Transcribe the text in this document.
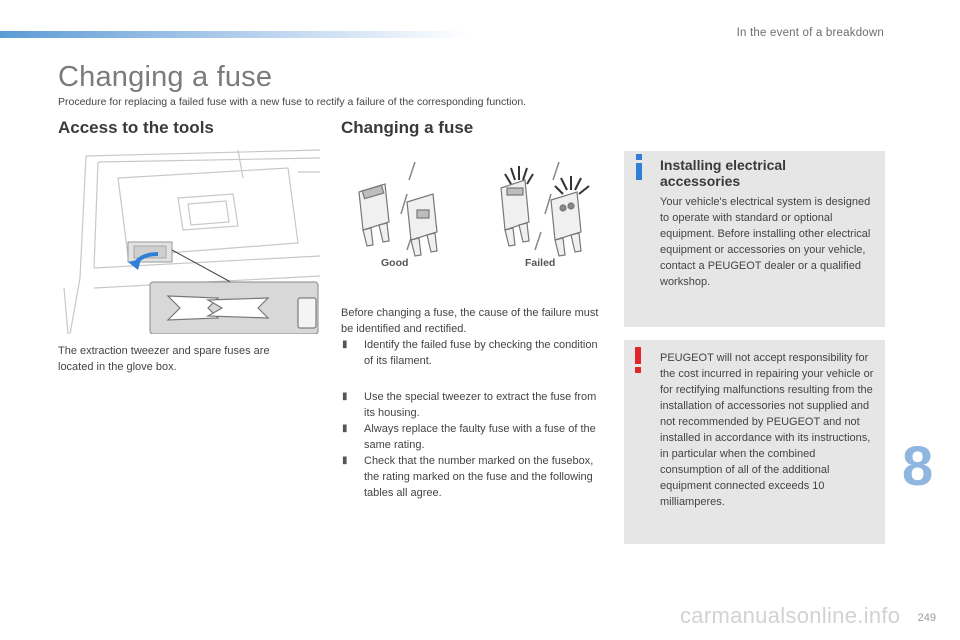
In the event of a breakdown
Changing a fuse

Procedure for replacing a failed fuse with a new fuse to rectify a failure of the corresponding function.

Access to the tools	Changing a fuse

The extraction tweezer and spare fuses are located in the glove box.

Good	Failed

Before changing a fuse, the cause of the failure must be identified and rectified.

▮ Identify the failed fuse by checking the condition of its filament.
▮ Use the special tweezer to extract the fuse from its housing.
▮ Always replace the faulty fuse with a fuse of the same rating.
▮ Check that the number marked on the fusebox, the rating marked on the fuse and the following tables all agree.
Installing electrical accessories

Your vehicle's electrical system is designed to operate with standard or optional equipment. Before installing other electrical equipment or accessories on your vehicle, contact a PEUGEOT dealer or a qualified workshop.

PEUGEOT will not accept responsibility for the cost incurred in repairing your vehicle or for rectifying malfunctions resulting from the installation of accessories not supplied and not recommended by PEUGEOT and not installed in accordance with its instructions, in particular when the combined consumption of all of the additional equipment connected exceeds 10 milliamperes.

8
249
carmanualsonline.info
